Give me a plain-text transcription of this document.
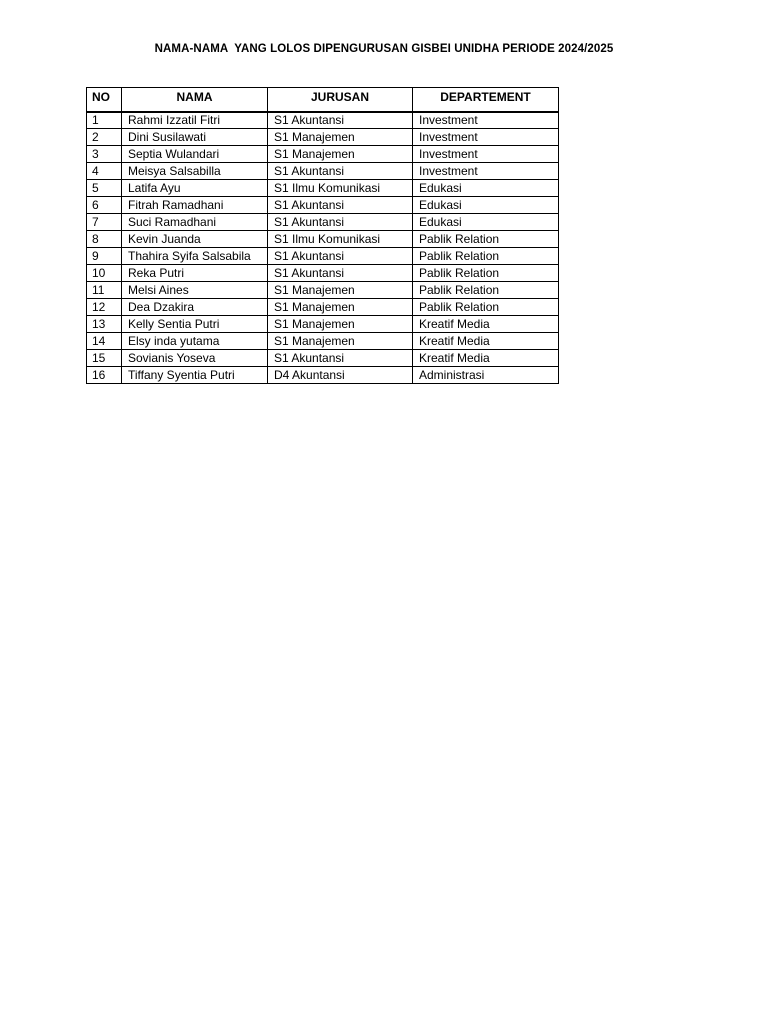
NAMA-NAMA  YANG LOLOS DIPENGURUSAN GISBEI UNIDHA PERIODE 2024/2025
NO	NAMA	JURUSAN	DEPARTEMENT
1	Rahmi Izzatil Fitri	S1 Akuntansi	Investment
2	Dini Susilawati	S1 Manajemen	Investment
3	Septia Wulandari	S1 Manajemen	Investment
4	Meisya Salsabilla	S1 Akuntansi	Investment
5	Latifa Ayu	S1 Ilmu Komunikasi	Edukasi
6	Fitrah Ramadhani	S1 Akuntansi	Edukasi
7	Suci Ramadhani	S1 Akuntansi	Edukasi
8	Kevin Juanda	S1 Ilmu Komunikasi	Pablik Relation
9	Thahira Syifa Salsabila	S1 Akuntansi	Pablik Relation
10	Reka Putri	S1 Akuntansi	Pablik Relation
11	Melsi Aines	S1 Manajemen	Pablik Relation
12	Dea Dzakira	S1 Manajemen	Pablik Relation
13	Kelly Sentia Putri	S1 Manajemen	Kreatif Media
14	Elsy inda yutama	S1 Manajemen	Kreatif Media
15	Sovianis Yoseva	S1 Akuntansi	Kreatif Media
16	Tiffany Syentia Putri	D4 Akuntansi	Administrasi
